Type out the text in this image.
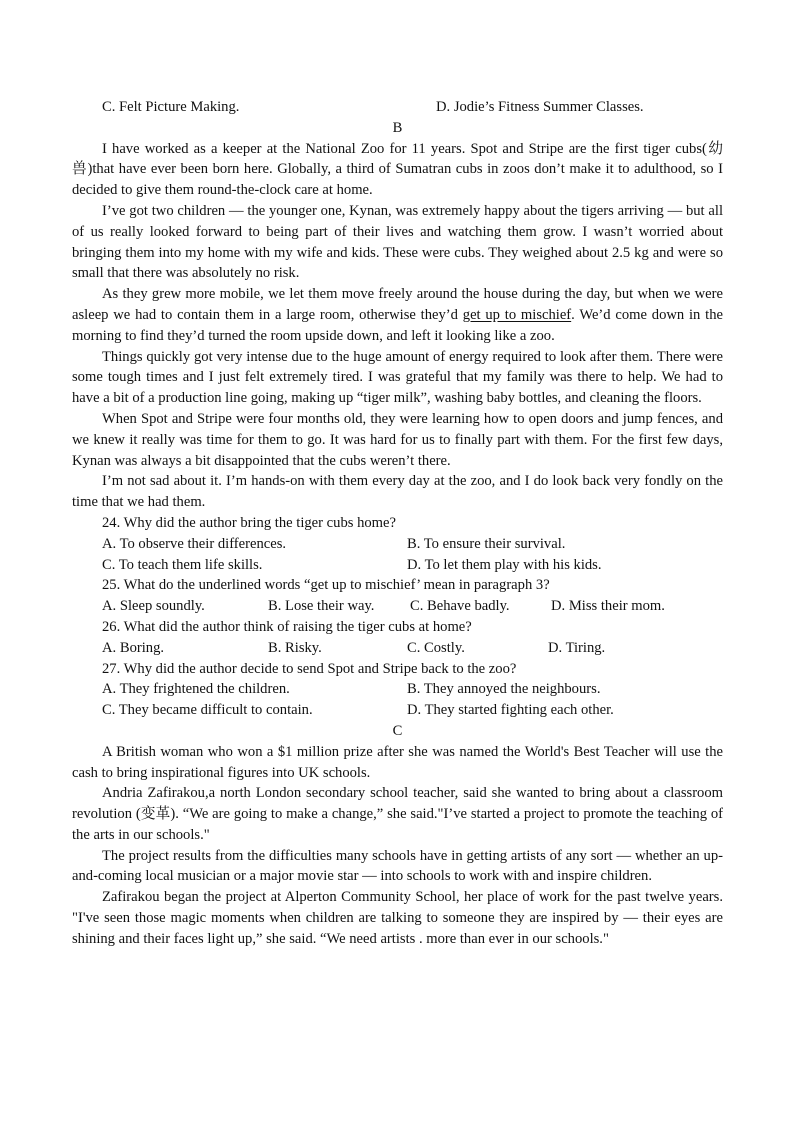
C. Felt Picture Making.	D. Jodie’s Fitness Summer Classes.
B

I have worked as a keeper at the National Zoo for 11 years. Spot and Stripe are the first tiger cubs(幼兽)that have ever been born here. Globally, a third of Sumatran cubs in zoos don’t make it to adulthood, so I decided to give them round-the-clock care at home.

I’ve got two children — the younger one, Kynan, was extremely happy about the tigers arriving — but all of us really looked forward to being part of their lives and watching them grow. I wasn’t worried about bringing them into my home with my wife and kids. These were cubs. They weighed about 2.5 kg and were so small that there was absolutely no risk.

As they grew more mobile, we let them move freely around the house during the day, but when we were asleep we had to contain them in a large room, otherwise they’d get up to mischief. We’d come down in the morning to find they’d turned the room upside down, and left it looking like a zoo.

Things quickly got very intense due to the huge amount of energy required to look after them. There were some tough times and I just felt extremely tired. I was grateful that my family was there to help. We had to have a bit of a production line going, making up “tiger milk”, washing baby bottles, and cleaning the floors.

When Spot and Stripe were four months old, they were learning how to open doors and jump fences, and we knew it really was time for them to go. It was hard for us to finally part with them. For the first few days, Kynan was always a bit disappointed that the cubs weren’t there.

I’m not sad about it. I’m hands-on with them every day at the zoo, and I do look back very fondly on the time that we had them.

24. Why did the author bring the tiger cubs home?
A. To observe their differences.	B. To ensure their survival.
C. To teach them life skills.	D. To let them play with his kids.
25. What do the underlined words “get up to mischief’ mean in paragraph 3?
A. Sleep soundly.	B. Lose their way. C. Behave badly.	D. Miss their mom.
26. What did the author think of raising the tiger cubs at home?
A. Boring.	B. Risky.	C. Costly.	D. Tiring.
27. Why did the author decide to send Spot and Stripe back to the zoo?
A. They frightened the children.	B. They annoyed the neighbours.
C. They became difficult to contain.	D. They started fighting each other.
C

A British woman who won a $1 million prize after she was named the World's Best Teacher will use the cash to bring inspirational figures into UK schools.

Andria Zafirakou,a north London secondary school teacher, said she wanted to bring about a classroom revolution (变革). “We are going to make a change,” she said."I’ve started a project to promote the teaching of the arts in our schools."

The project results from the difficulties many schools have in getting artists of any sort — whether an up-and-coming local musician or a major movie star — into schools to work with and inspire children.

Zafirakou began the project at Alperton Community School, her place of work for the past twelve years. "I've seen those magic moments when children are talking to someone they are inspired by — their eyes are shining and their faces light up,” she said. “We need artists . more than ever in our schools."
